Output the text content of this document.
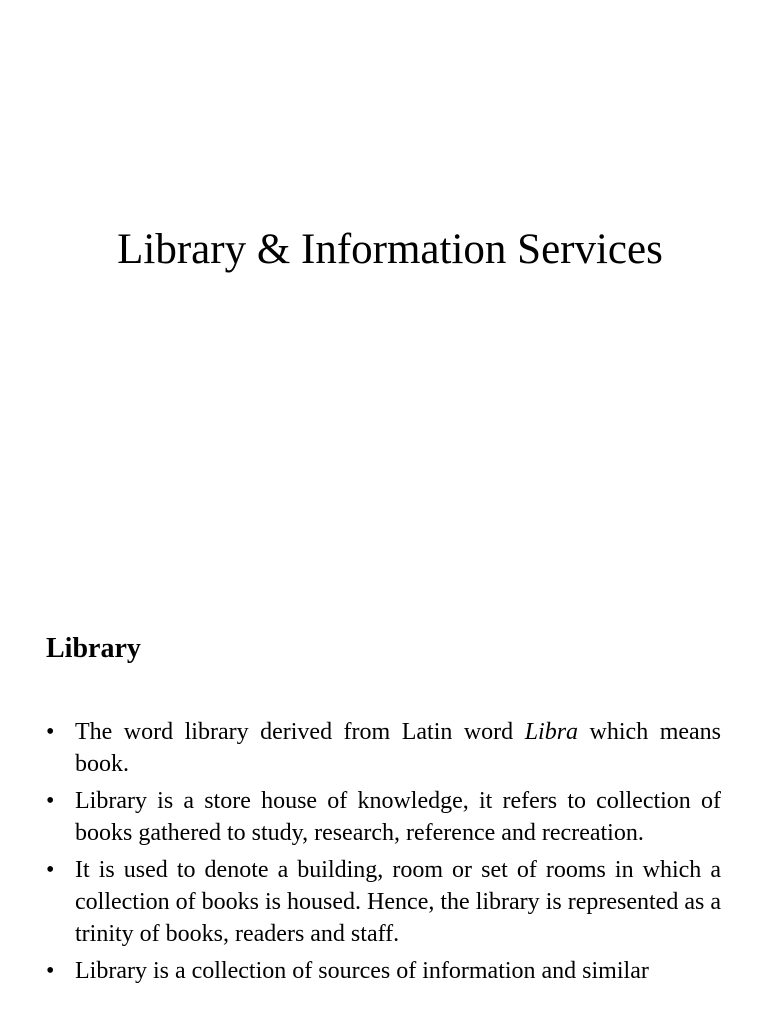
Library & Information Services
Library
• The word library derived from Latin word Libra which means book.
• Library is a store house of knowledge, it refers to collection of books gathered to study, research, reference and recreation.
• It is used to denote a building, room or set of rooms in which a collection of books is housed. Hence, the library is represented as a trinity of books, readers and staff.
• Library is a collection of sources of information and similar
